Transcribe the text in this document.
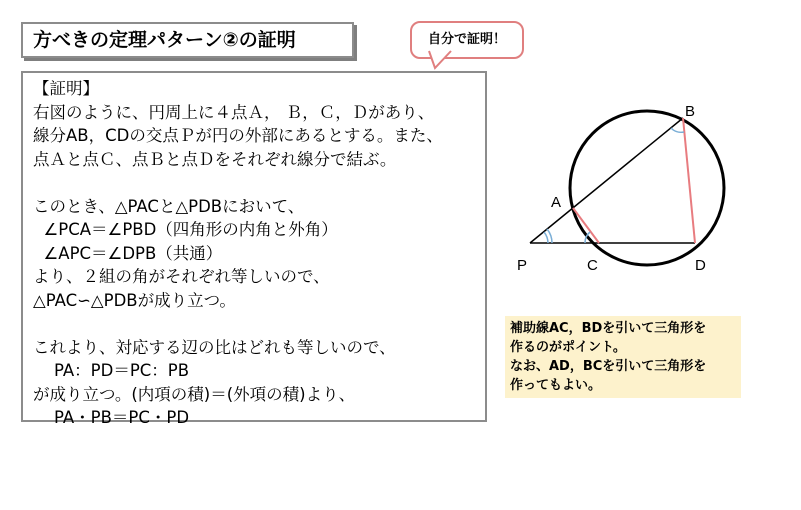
方べきの定理パターン②の証明	自分で証明！
【証明】
右図のように、円周上に４点Ａ， Ｂ，Ｃ，Ｄがあり、
線分AB，CDの交点Ｐが円の外部にあるとする。また、
点Ａと点Ｃ、点Ｂと点Ｄをそれぞれ線分で結ぶ。
このとき、△PACと△PDBにおいて、
∠PCA＝∠PBD（四角形の内角と外角）
∠APC＝∠DPB（共通）
より、２組の角がそれぞれ等しいので、
△PAC∽△PDBが成り立つ。
これより、対応する辺の比はどれも等しいので、
PA：PD＝PC：PB
が成り立つ。(内項の積)＝(外項の積)より、
PA・PB＝PC・PD
A
B
C	D
P
補助線AC，BDを引いて三角形を
作るのがポイント。
なお、AD，BCを引いて三角形を
作ってもよい。
